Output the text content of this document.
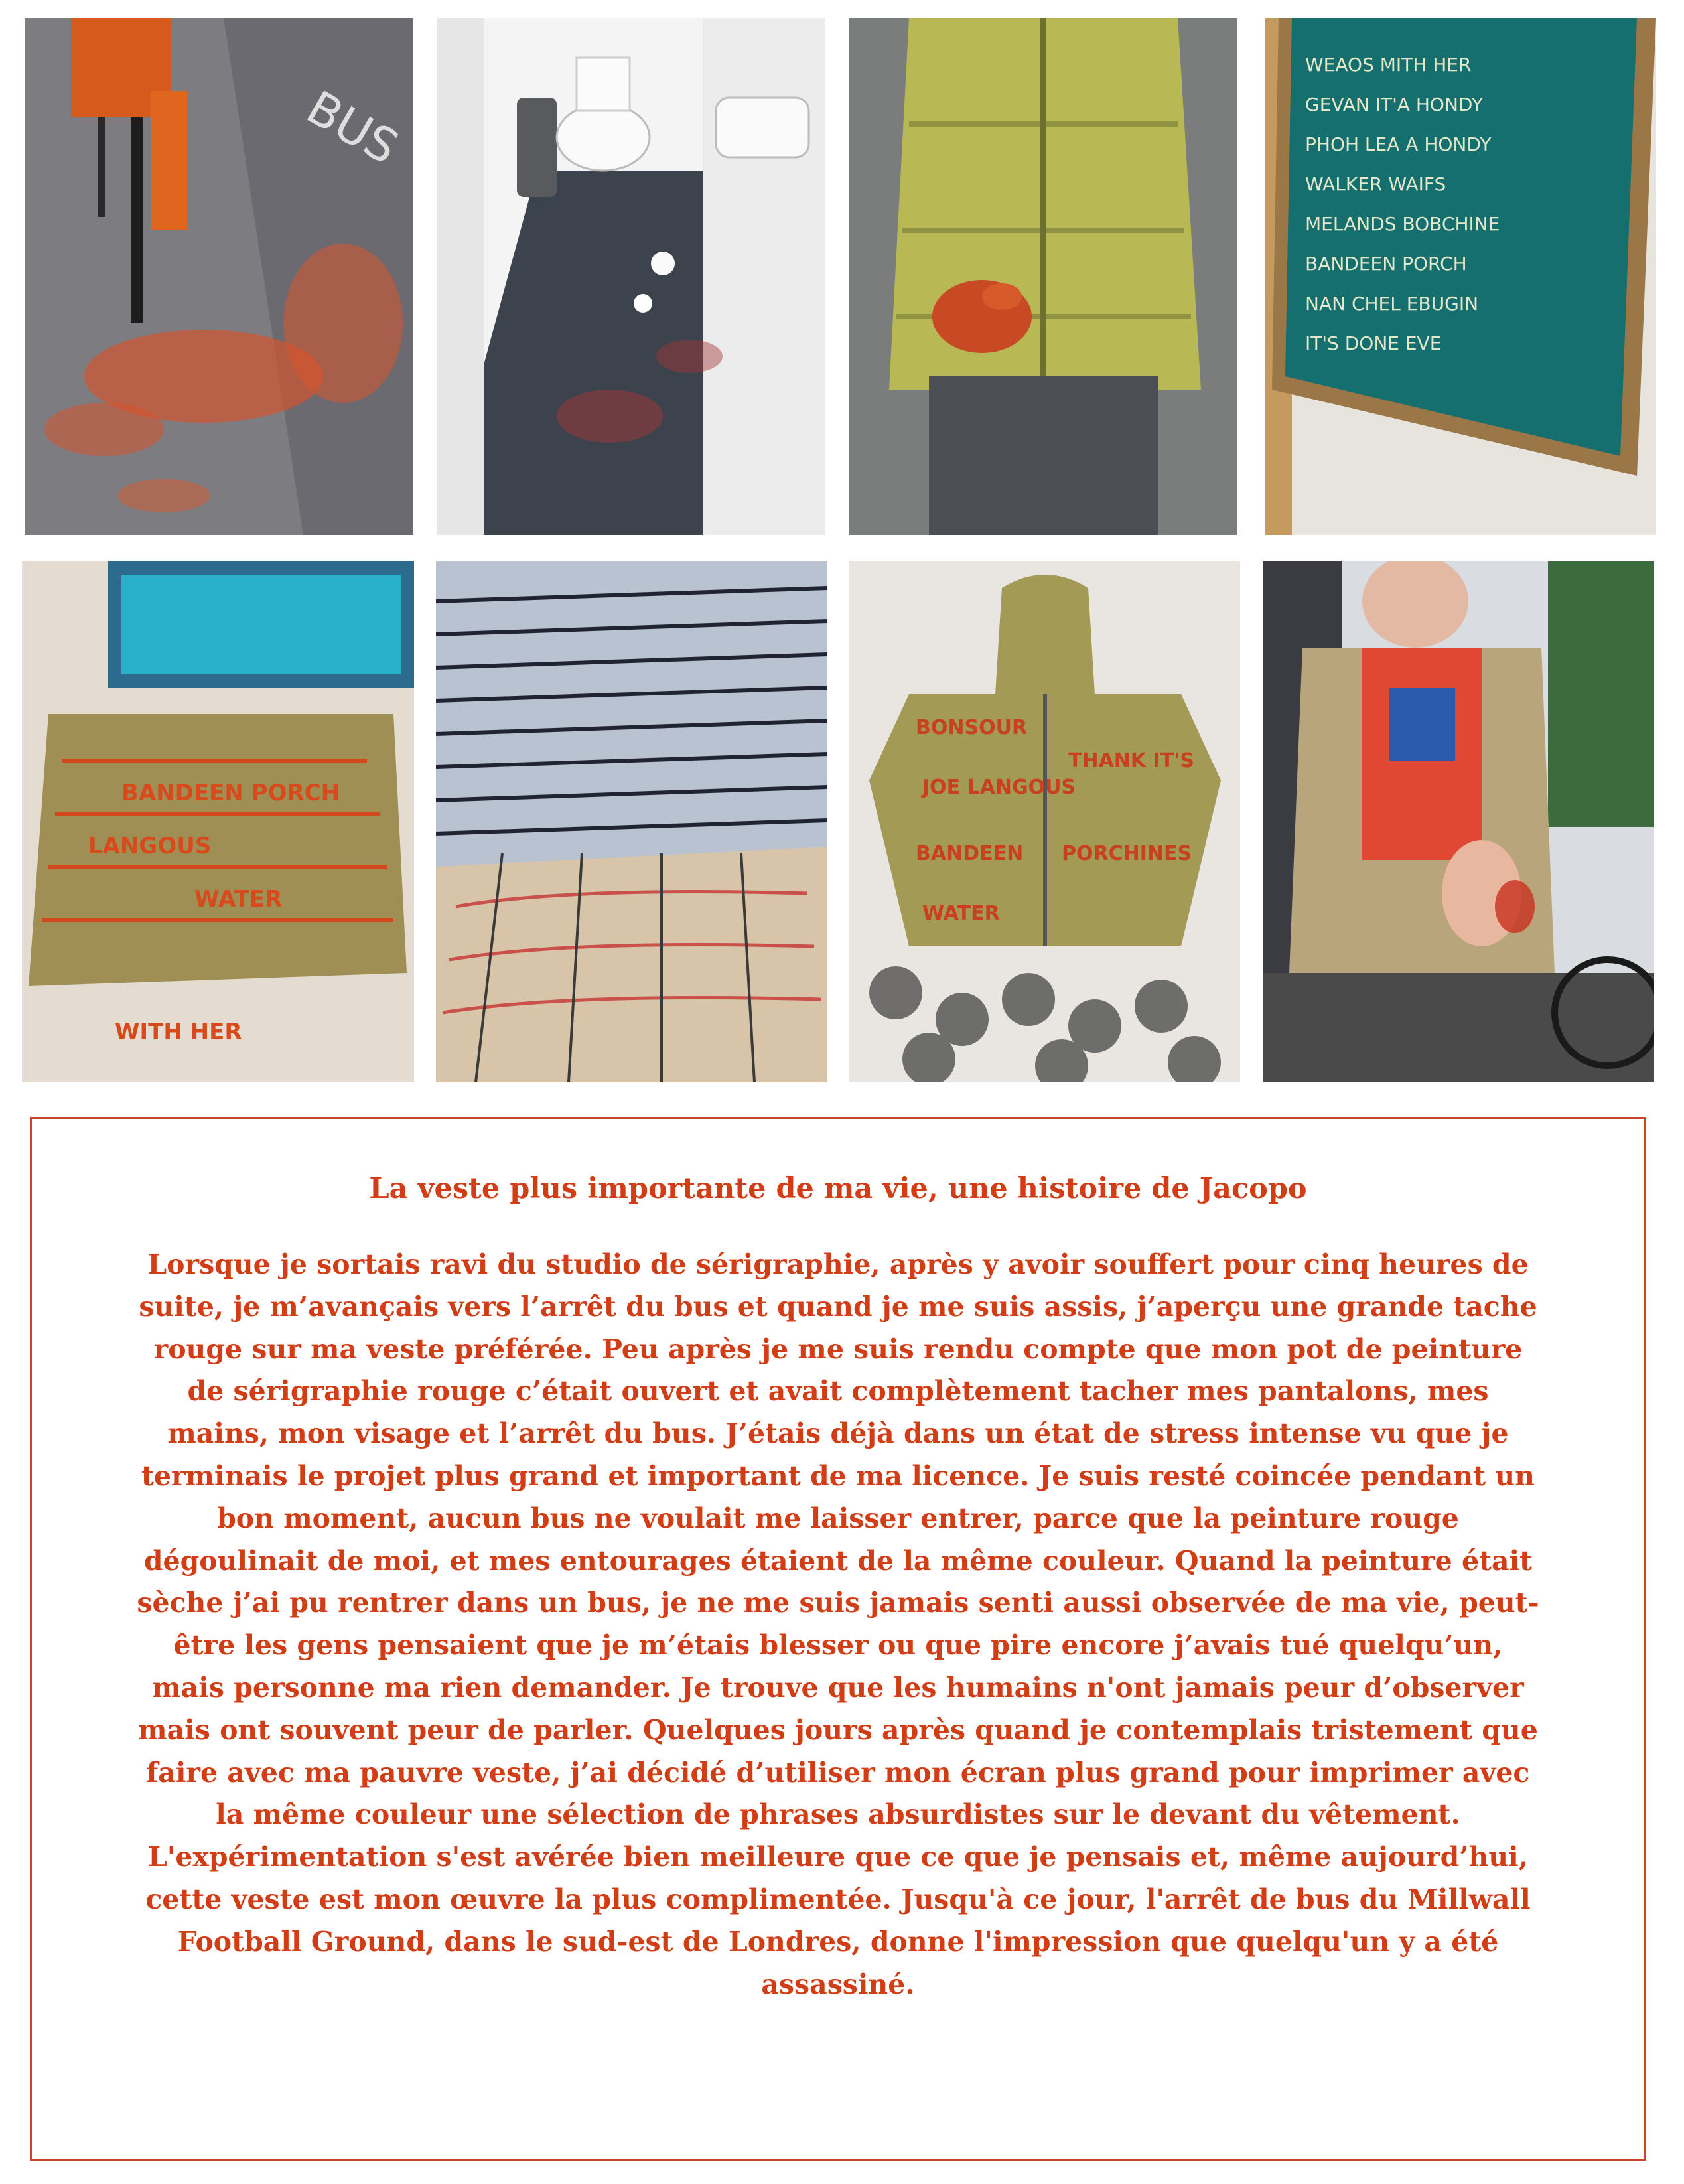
BUS
WEAOS MITH HER
GEVAN IT'A HONDY
PHOH LEA A HONDY
WALKER WAIFS
MELANDS BOBCHINE
BANDEEN PORCH
NAN CHEL EBUGIN
IT'S DONE EVE
BANDEEN PORCH
LANGOUS
WATER
WITH HER
BONSOUR
THANK IT'S
JOE LANGOUS
BANDEEN PORCHINES
WATER
La veste plus importante de ma vie, une histoire de Jacopo

Lorsque je sortais ravi du studio de sérigraphie, après y avoir souffert pour cinq heures de suite, je m’avançais vers l’arrêt du bus et quand je me suis assis, j’aperçu une grande tache rouge sur ma veste préférée. Peu après je me suis rendu compte que mon pot de peinture de sérigraphie rouge c’était ouvert et avait complètement tacher mes pantalons, mes mains, mon visage et l’arrêt du bus. J’étais déjà dans un état de stress intense vu que je terminais le projet plus grand et important de ma licence. Je suis resté coincée pendant un bon moment, aucun bus ne voulait me laisser entrer, parce que la peinture rouge dégoulinait de moi, et mes entourages étaient de la même couleur. Quand la peinture était sèche j’ai pu rentrer dans un bus, je ne me suis jamais senti aussi observée de ma vie, peut-être les gens pensaient que je m’étais blesser ou que pire encore j’avais tué quelqu’un, mais personne ma rien demander. Je trouve que les humains n'ont jamais peur d’observer mais ont souvent peur de parler. Quelques jours après quand je contemplais tristement que faire avec ma pauvre veste, j’ai décidé d’utiliser mon écran plus grand pour imprimer avec la même couleur une sélection de phrases absurdistes sur le devant du vêtement. L'expérimentation s'est avérée bien meilleure que ce que je pensais et, même aujourd’hui, cette veste est mon œuvre la plus complimentée. Jusqu'à ce jour, l'arrêt de bus du Millwall Football Ground, dans le sud-est de Londres, donne l'impression que quelqu'un y a été assassiné.
